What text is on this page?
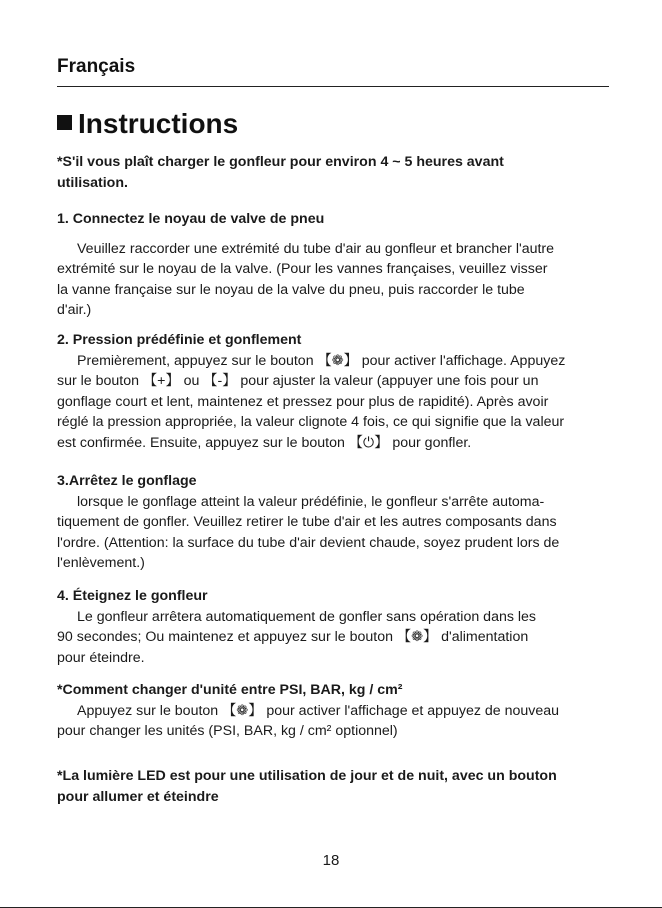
Français
Instructions
*S'il vous plaît charger le gonfleur pour environ 4 ~ 5 heures avant
utilisation.
1. Connectez le noyau de valve de pneu
Veuillez raccorder une extrémité du tube d'air au gonfleur et brancher l'autre
extrémité sur le noyau de la valve. (Pour les vannes françaises, veuillez visser
la vanne française sur le noyau de la valve du pneu, puis raccorder le tube
d'air.)
2. Pression prédéfinie et gonflement
Premièrement, appuyez sur le bouton 【❁】 pour activer l'affichage. Appuyez
sur le bouton 【+】 ou 【-】 pour ajuster la valeur (appuyer une fois pour un
gonflage court et lent, maintenez et pressez pour plus de rapidité). Après avoir
réglé la pression appropriée, la valeur clignote 4 fois, ce qui signifie que la valeur
est confirmée. Ensuite, appuyez sur le bouton 【⏻】 pour gonfler.
3.Arrêtez le gonflage
lorsque le gonflage atteint la valeur prédéfinie, le gonfleur s'arrête automa-
tiquement de gonfler. Veuillez retirer le tube d'air et les autres composants dans
l'ordre. (Attention: la surface du tube d'air devient chaude, soyez prudent lors de
l'enlèvement.)
4. Éteignez le gonfleur
Le gonfleur arrêtera automatiquement de gonfler sans opération dans les
90 secondes; Ou maintenez et appuyez sur le bouton 【❁】 d'alimentation
pour éteindre.
*Comment changer d'unité entre PSI, BAR, kg / cm²
Appuyez sur le bouton 【❁】 pour activer l'affichage et appuyez de nouveau
pour changer les unités (PSI, BAR, kg / cm² optionnel)
*La lumière LED est pour une utilisation de jour et de nuit, avec un bouton
pour allumer et éteindre
18
